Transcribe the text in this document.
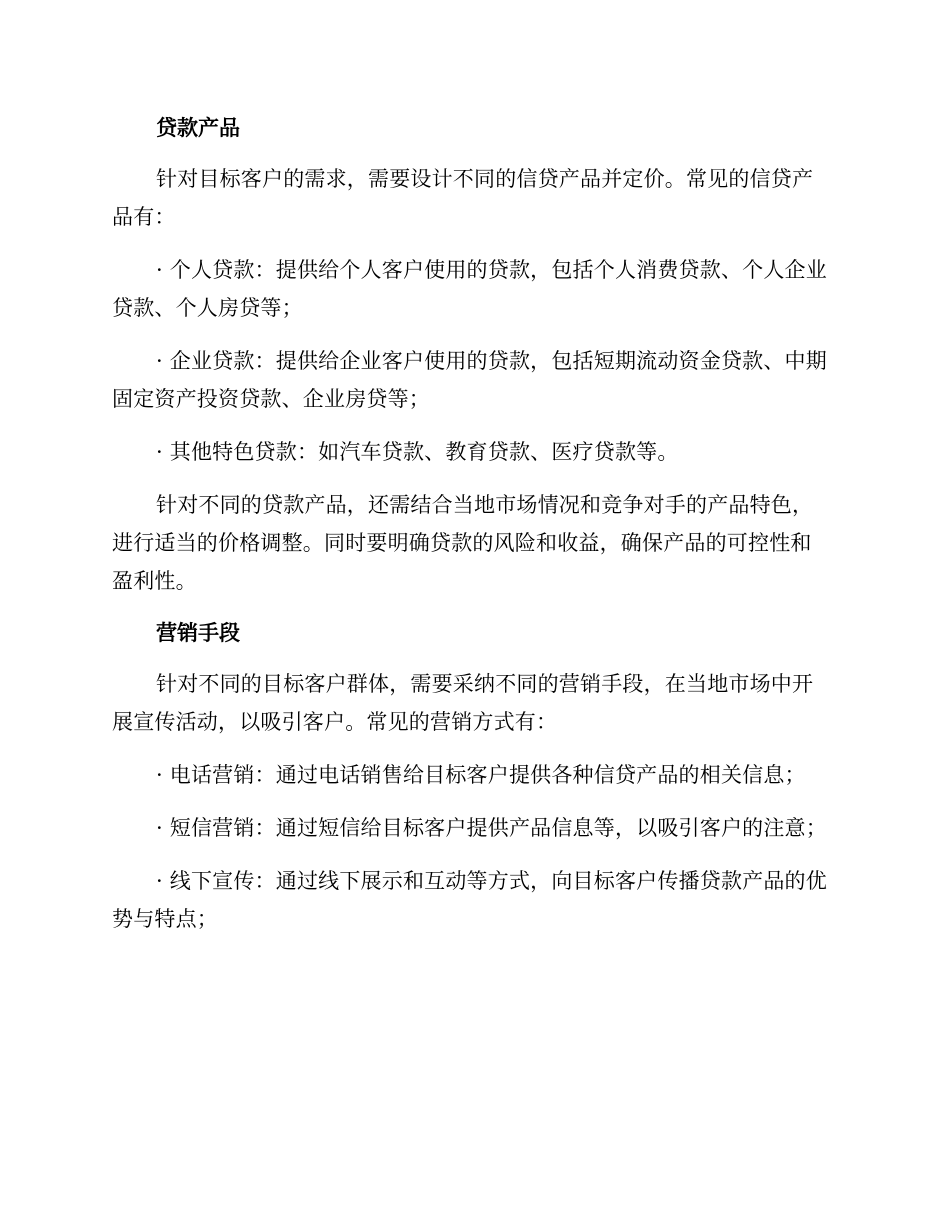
贷款产品

针对目标客户的需求，需要设计不同的信贷产品并定价。常见的信贷产品有：

· 个人贷款：提供给个人客户使用的贷款，包括个人消费贷款、个人企业贷款、个人房贷等；

· 企业贷款：提供给企业客户使用的贷款，包括短期流动资金贷款、中期固定资产投资贷款、企业房贷等；

· 其他特色贷款：如汽车贷款、教育贷款、医疗贷款等。

针对不同的贷款产品，还需结合当地市场情况和竞争对手的产品特色，进行适当的价格调整。同时要明确贷款的风险和收益，确保产品的可控性和盈利性。

营销手段

针对不同的目标客户群体，需要采纳不同的营销手段，在当地市场中开展宣传活动，以吸引客户。常见的营销方式有：

· 电话营销：通过电话销售给目标客户提供各种信贷产品的相关信息；

· 短信营销：通过短信给目标客户提供产品信息等，以吸引客户的注意；

· 线下宣传：通过线下展示和互动等方式，向目标客户传播贷款产品的优势与特点；
